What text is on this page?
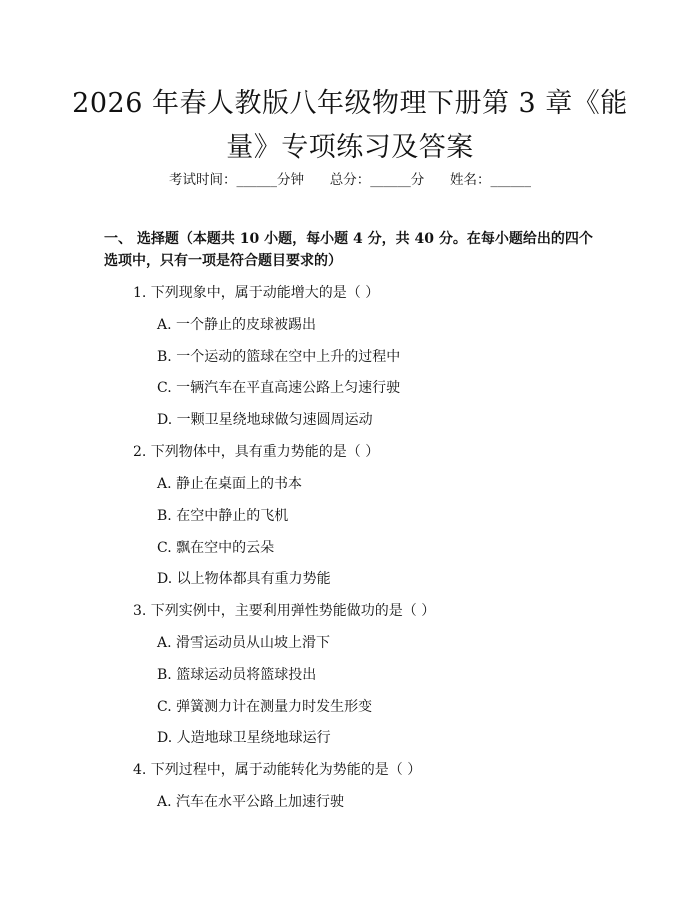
2026 年春人教版八年级物理下册第 3 章《能
量》专项练习及答案
考试时间：______分钟      总分：______分      姓名：______
一、 选择题（本题共 10 小题，每小题 4 分，共 40 分。在每小题给出的四个选项中，只有一项是符合题目要求的）
1. 下列现象中，属于动能增大的是（ ）
A. 一个静止的皮球被踢出
B. 一个运动的篮球在空中上升的过程中
C. 一辆汽车在平直高速公路上匀速行驶
D. 一颗卫星绕地球做匀速圆周运动
2. 下列物体中，具有重力势能的是（ ）
A. 静止在桌面上的书本
B. 在空中静止的飞机
C. 飘在空中的云朵
D. 以上物体都具有重力势能
3. 下列实例中，主要利用弹性势能做功的是（ ）
A. 滑雪运动员从山坡上滑下
B. 篮球运动员将篮球投出
C. 弹簧测力计在测量力时发生形变
D. 人造地球卫星绕地球运行
4. 下列过程中，属于动能转化为势能的是（ ）
A. 汽车在水平公路上加速行驶
